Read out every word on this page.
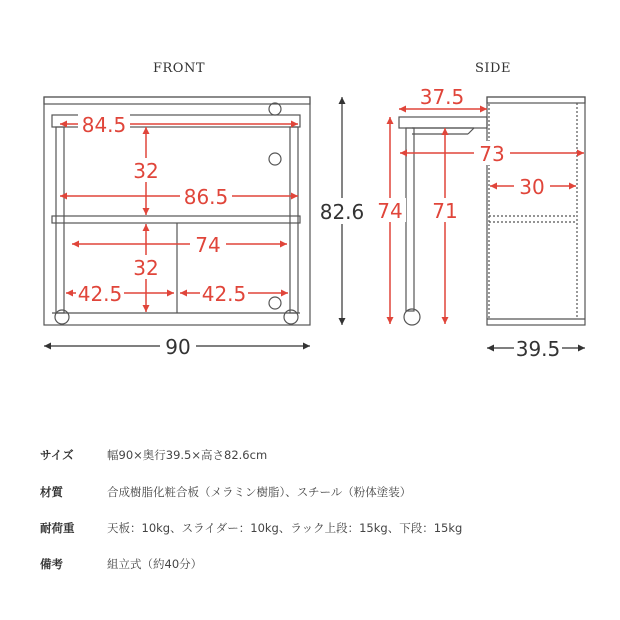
FRONT
84.5
32
86.5
74
32
42.5	42.5
82.6
90
SIDE
37.5
73
30
74 71
39.5
サイズ	幅90×奥行39.5×高さ82.6cm
材質	合成樹脂化粧合板（メラミン樹脂）、スチール（粉体塗装）
耐荷重	天板：10kg、スライダー：10kg、ラック上段：15kg、下段：15kg
備考	組立式（約40分）
